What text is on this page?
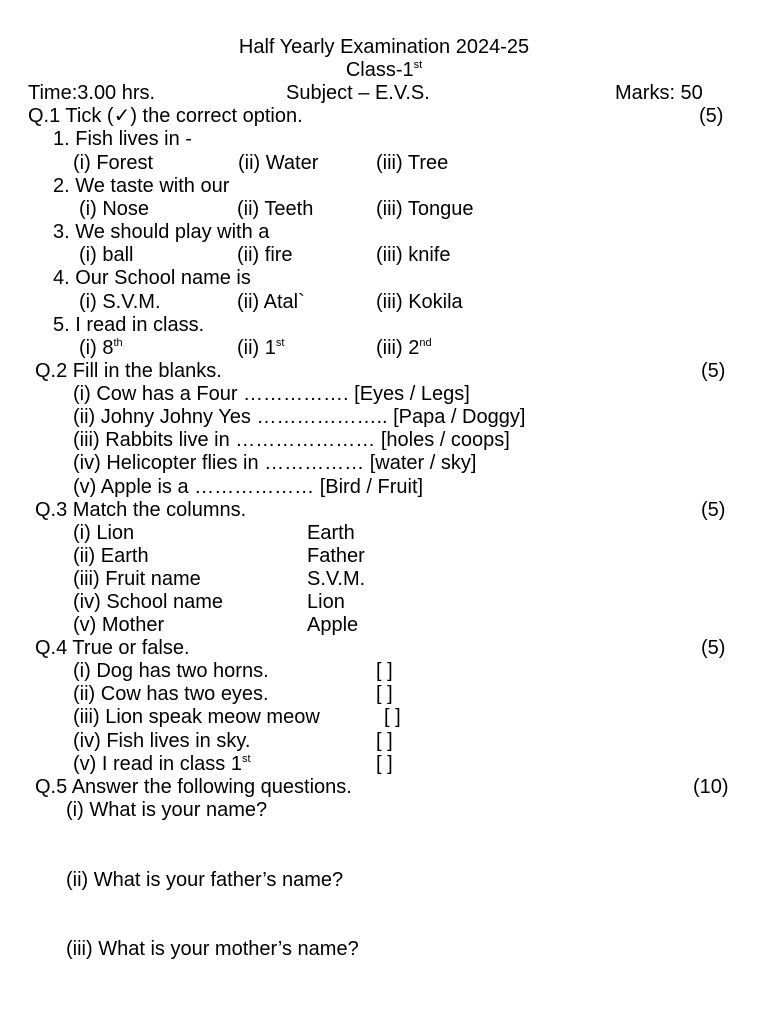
Half Yearly Examination 2024-25
Class-1st
Time:3.00 hrs.	Subject – E.V.S.	Marks: 50
Q.1 Tick (✓) the correct option.	(5)
1. Fish lives in -
(i) Forest	(ii) Water	(iii) Tree
2. We taste with our
(i) Nose	(ii) Teeth	(iii) Tongue
3. We should play with a
(i) ball	(ii) fire	(iii) knife
4. Our School name is
(i) S.V.M.	(ii) Atal`	(iii) Kokila
5. I read in class.
(i) 8th	(ii) 1st	(iii) 2nd
Q.2 Fill in the blanks.	(5)
(i) Cow has a Four ……………. [Eyes / Legs]
(ii) Johny Johny Yes ……………….. [Papa / Doggy]
(iii) Rabbits live in ………………… [holes / coops]
(iv) Helicopter flies in …………… [water / sky]
(v) Apple is a ……………… [Bird / Fruit]
Q.3 Match the columns.	(5)
(i) Lion	Earth
(ii) Earth	Father
(iii) Fruit name	S.V.M.
(iv) School name	Lion
(v) Mother	Apple
Q.4 True or false.	(5)
(i) Dog has two horns.	[ ]
(ii) Cow has two eyes.	[ ]
(iii) Lion speak meow meow	[ ]
(iv) Fish lives in sky.	[ ]
(v) I read in class 1st	[ ]
Q.5 Answer the following questions.	(10)
(i) What is your name?
(ii) What is your father’s name?
(iii) What is your mother’s name?
